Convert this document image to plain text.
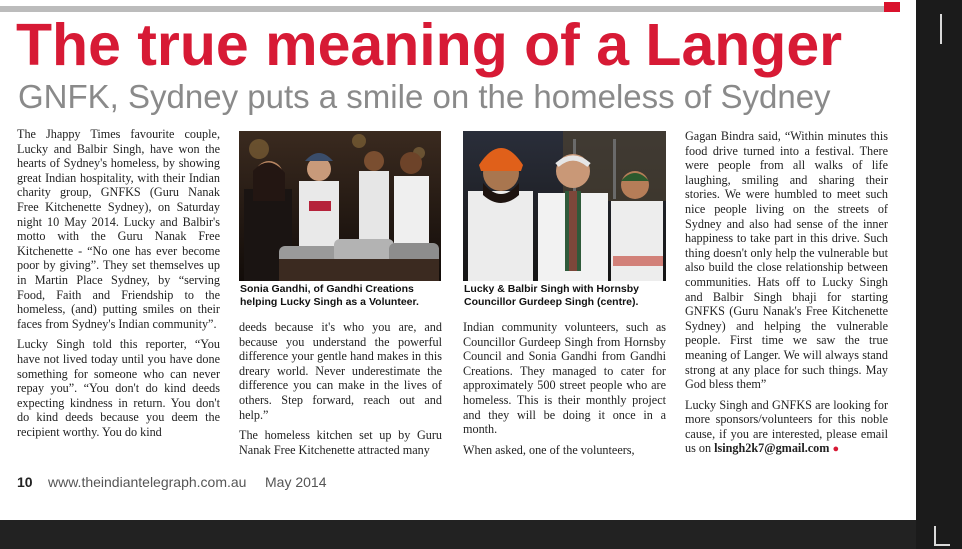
The true meaning of a Langer
GNFK, Sydney puts a smile on the homeless of Sydney

The Jhappy Times favourite couple, Lucky and Balbir Singh, have won the hearts of Sydney's homeless, by showing great Indian hospitality, with their Indian charity group, GNFKS (Guru Nanak Free Kitchenette Sydney), on Saturday night 10 May 2014. Lucky and Balbir's motto with the Guru Nanak Free Kitchenette - “No one has ever become poor by giving”. They set themselves up in Martin Place Sydney, by “serving Food, Faith and Friendship to the homeless, (and) putting smiles on their faces from Sydney's Indian community”.

Lucky Singh told this reporter, “You have not lived today until you have done something for someone who can never repay you”. “You don't do kind deeds expecting kindness in return. You don't do kind deeds because you deem the recipient worthy. You do kind

Sonia Gandhi, of Gandhi Creations helping Lucky Singh as a Volunteer.

deeds because it's who you are, and because you understand the powerful difference your gentle hand makes in this dreary world. Never underestimate the difference you can make in the lives of others. Step forward, reach out and help.”

The homeless kitchen set up by Guru Nanak Free Kitchenette attracted many

Lucky & Balbir Singh with Hornsby Councillor Gurdeep Singh (centre).

Indian community volunteers, such as Councillor Gurdeep Singh from Hornsby Council and Sonia Gandhi from Gandhi Creations. They managed to cater for approximately 500 street people who are homeless. This is their monthly project and they will be doing it once in a month.

When asked, one of the volunteers,

Gagan Bindra said, “Within minutes this food drive turned into a festival. There were people from all walks of life laughing, smiling and sharing their stories. We were humbled to meet such nice people living on the streets of Sydney and also had sense of the inner happiness to take part in this drive. Such thing doesn't only help the vulnerable but also build the close relationship between communities. Hats off to Lucky Singh and Balbir Singh bhaji for starting GNFKS (Guru Nanak's Free Kitchenette Sydney) and helping the vulnerable people. First time we saw the true meaning of Langer. We will always stand strong at any place for such things. May God bless them”

Lucky Singh and GNFKS are looking for more sponsors/volunteers for this noble cause, if you are interested, please email us on lsingh2k7@gmail.com ●

10 www.theindiantelegraph.com.au May 2014
